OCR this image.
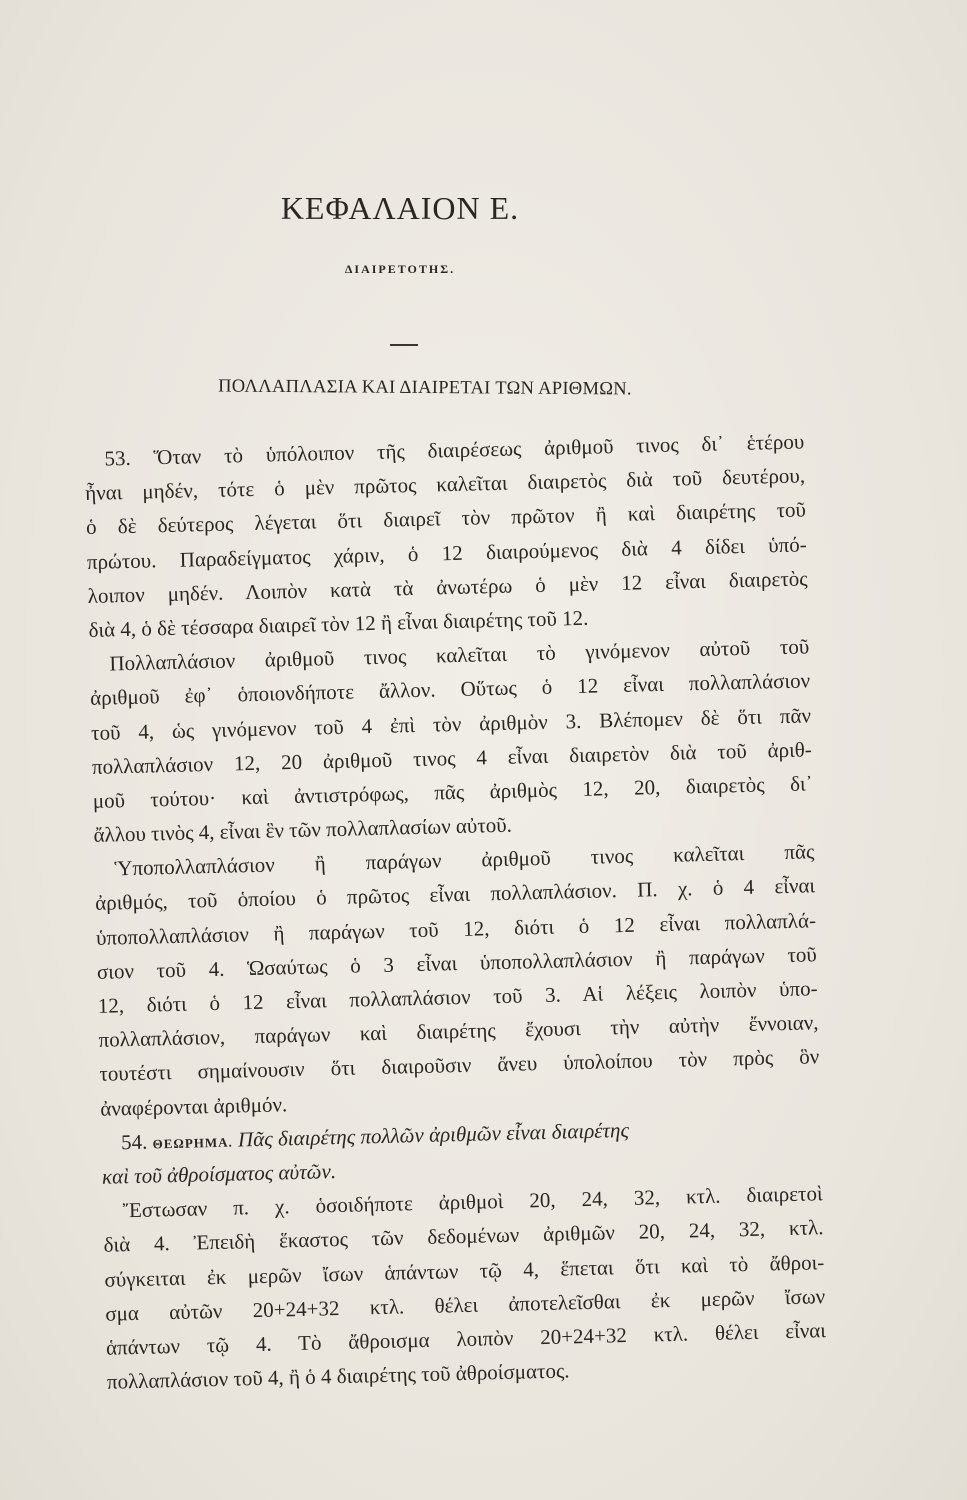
ΚΕΦΑΛΑΙΟΝ Ε.
ΔΙΑΙΡΕΤΟΤΗΣ.
ΠΟΛΛΑΠΛΑΣΙΑ ΚΑΙ ΔΙΑΙΡΕΤΑΙ ΤΩΝ ΑΡΙΘΜΩΝ.
53. Ὅταν τὸ ὑπόλοιπον τῆς διαιρέσεως ἀριθμοῦ τινος δι᾽ ἑτέρου
ἦναι μηδέν, τότε ὁ μὲν πρῶτος καλεῖται διαιρετὸς διὰ τοῦ δευτέρου,
ὁ δὲ δεύτερος λέγεται ὅτι διαιρεῖ τὸν πρῶτον ἢ καὶ διαιρέτης τοῦ
πρώτου. Παραδείγματος χάριν, ὁ 12 διαιρούμενος διὰ 4 δίδει ὑπό-
λοιπον μηδέν. Λοιπὸν κατὰ τὰ ἀνωτέρω ὁ μὲν 12 εἶναι διαιρετὸς
διὰ 4, ὁ δὲ τέσσαρα διαιρεῖ τὸν 12 ἢ εἶναι διαιρέτης τοῦ 12.
Πολλαπλάσιον ἀριθμοῦ τινος καλεῖται τὸ γινόμενον αὐτοῦ τοῦ
ἀριθμοῦ ἐφ᾽ ὁποιονδήποτε ἄλλον. Οὕτως ὁ 12 εἶναι πολλαπλάσιον
τοῦ 4, ὡς γινόμενον τοῦ 4 ἐπὶ τὸν ἀριθμὸν 3. Βλέπομεν δὲ ὅτι πᾶν
πολλαπλάσιον 12, 20 ἀριθμοῦ τινος 4 εἶναι διαιρετὸν διὰ τοῦ ἀριθ-
μοῦ τούτου· καὶ ἀντιστρόφως, πᾶς ἀριθμὸς 12, 20, διαιρετὸς δι᾽
ἄλλου τινὸς 4, εἶναι ἓν τῶν πολλαπλασίων αὐτοῦ.
Ὑποπολλαπλάσιον ἢ παράγων ἀριθμοῦ τινος καλεῖται πᾶς
ἀριθμός, τοῦ ὁποίου ὁ πρῶτος εἶναι πολλαπλάσιον. Π. χ. ὁ 4 εἶναι
ὑποπολλαπλάσιον ἢ παράγων τοῦ 12, διότι ὁ 12 εἶναι πολλαπλά-
σιον τοῦ 4. Ὡσαύτως ὁ 3 εἶναι ὑποπολλαπλάσιον ἢ παράγων τοῦ
12, διότι ὁ 12 εἶναι πολλαπλάσιον τοῦ 3. Αἱ λέξεις λοιπὸν ὑπο-
πολλαπλάσιον, παράγων καὶ διαιρέτης ἔχουσι τὴν αὐτὴν ἔννοιαν,
τουτέστι σημαίνουσιν ὅτι διαιροῦσιν ἄνευ ὑπολοίπου τὸν πρὸς ὃν
ἀναφέρονται ἀριθμόν.
54. ΘΕΩΡΗΜΑ. Πᾶς διαιρέτης πολλῶν ἀριθμῶν εἶναι διαιρέτης
καὶ τοῦ ἀθροίσματος αὐτῶν.
Ἔστωσαν π. χ. ὁσοιδήποτε ἀριθμοὶ 20, 24, 32, κτλ. διαιρετοὶ
διὰ 4. Ἐπειδὴ ἕκαστος τῶν δεδομένων ἀριθμῶν 20, 24, 32, κτλ.
σύγκειται ἐκ μερῶν ἴσων ἁπάντων τῷ 4, ἕπεται ὅτι καὶ τὸ ἄθροι-
σμα αὐτῶν 20+24+32 κτλ. θέλει ἀποτελεῖσθαι ἐκ μερῶν ἴσων
ἁπάντων τῷ 4. Τὸ ἄθροισμα λοιπὸν 20+24+32 κτλ. θέλει εἶναι
πολλαπλάσιον τοῦ 4, ἢ ὁ 4 διαιρέτης τοῦ ἀθροίσματος.
